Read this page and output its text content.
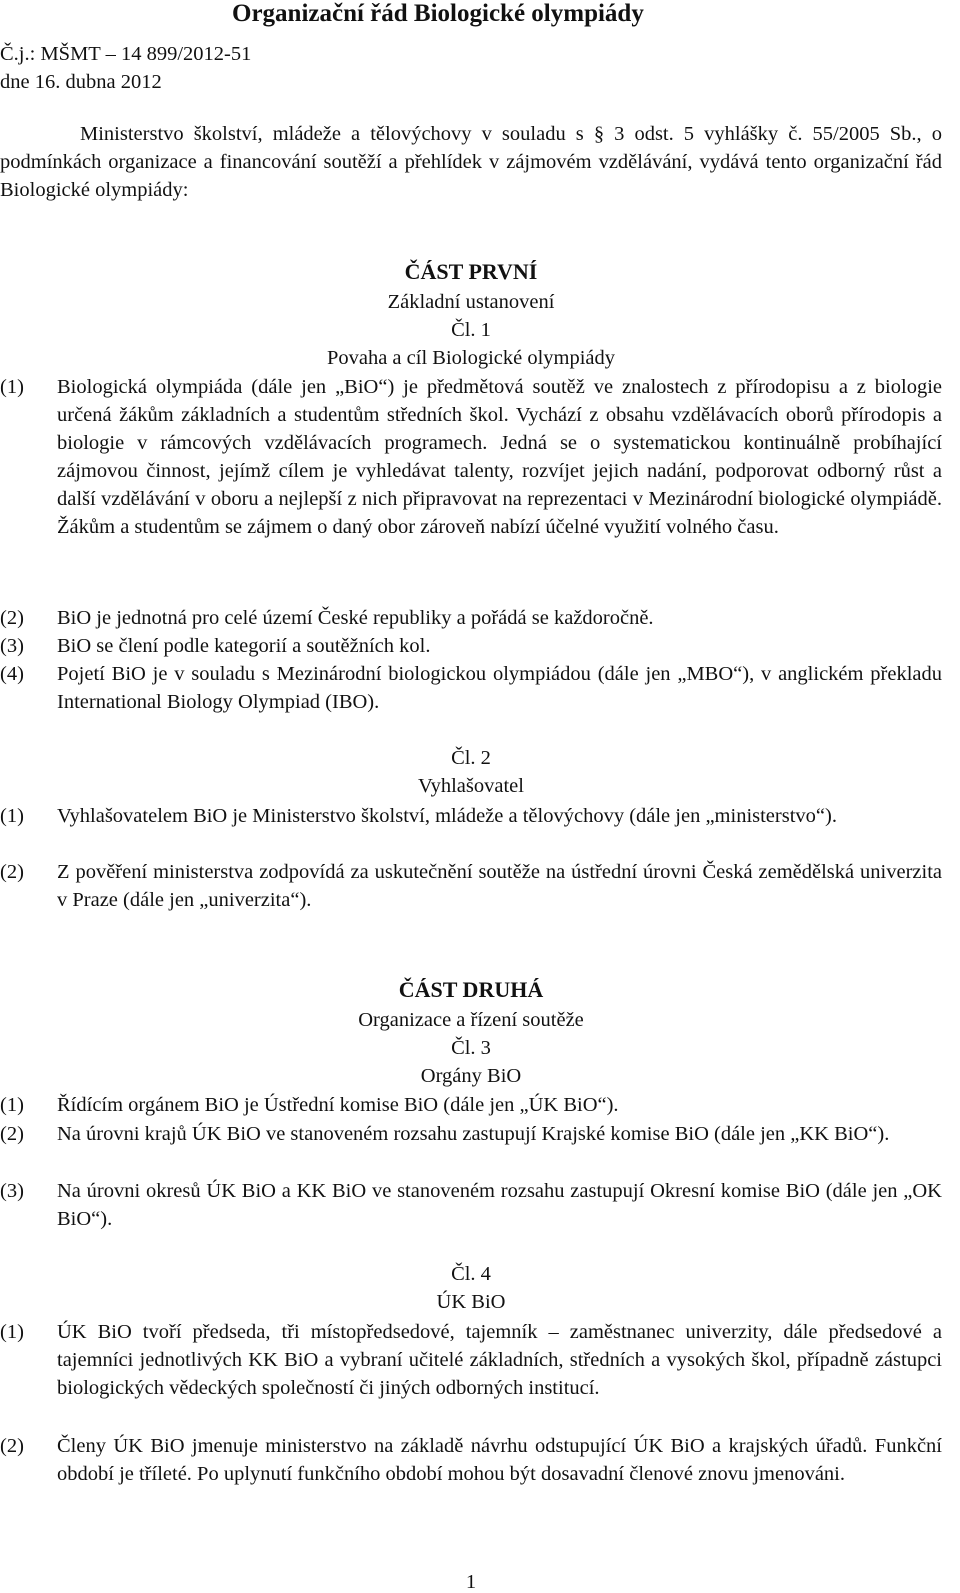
Organizační řád Biologické olympiády
Č.j.: MŠMT – 14 899/2012-51
dne 16. dubna 2012
Ministerstvo školství, mládeže a tělovýchovy v souladu s § 3 odst. 5 vyhlášky č. 55/2005 Sb., o podmínkách organizace a financování soutěží a přehlídek v zájmovém vzdělávání, vydává tento organizační řád Biologické olympiády:
ČÁST PRVNÍ
Základní ustanovení
Čl. 1
Povaha a cíl Biologické olympiády
(1) Biologická olympiáda (dále jen „BiO“) je předmětová soutěž ve znalostech z přírodopisu a z biologie určená žákům základních a studentům středních škol. Vychází z obsahu vzdělávacích oborů přírodopis a biologie v rámcových vzdělávacích programech. Jedná se o systematickou kontinuálně probíhající zájmovou činnost, jejímž cílem je vyhledávat talenty, rozvíjet jejich nadání, podporovat odborný růst a další vzdělávání v oboru a nejlepší z nich připravovat na reprezentaci v Mezinárodní biologické olympiádě. Žákům a studentům se zájmem o daný obor zároveň nabízí účelné využití volného času.
(2) BiO je jednotná pro celé území České republiky a pořádá se každoročně.
(3) BiO se člení podle kategorií a soutěžních kol.
(4) Pojetí BiO je v souladu s Mezinárodní biologickou olympiádou (dále jen „MBO“), v anglickém překladu International Biology Olympiad (IBO).
Čl. 2
Vyhlašovatel
(1) Vyhlašovatelem BiO je Ministerstvo školství, mládeže a tělovýchovy (dále jen „ministerstvo“).
(2) Z pověření ministerstva zodpovídá za uskutečnění soutěže na ústřední úrovni Česká zemědělská univerzita v Praze (dále jen „univerzita“).
ČÁST DRUHÁ
Organizace a řízení soutěže
Čl. 3
Orgány BiO
(1) Řídícím orgánem BiO je Ústřední komise BiO (dále jen „ÚK BiO“).
(2) Na úrovni krajů ÚK BiO ve stanoveném rozsahu zastupují Krajské komise BiO (dále jen „KK BiO“).
(3) Na úrovni okresů ÚK BiO a KK BiO ve stanoveném rozsahu zastupují Okresní komise BiO (dále jen „OK BiO“).
Čl. 4
ÚK BiO
(1) ÚK BiO tvoří předseda, tři místopředsedové, tajemník – zaměstnanec univerzity, dále předsedové a tajemníci jednotlivých KK BiO a vybraní učitelé základních, středních a vysokých škol, případně zástupci biologických vědeckých společností či jiných odborných institucí.
(2) Členy ÚK BiO jmenuje ministerstvo na základě návrhu odstupující ÚK BiO a krajských úřadů. Funkční období je tříleté. Po uplynutí funkčního období mohou být dosavadní členové znovu jmenováni.
1
